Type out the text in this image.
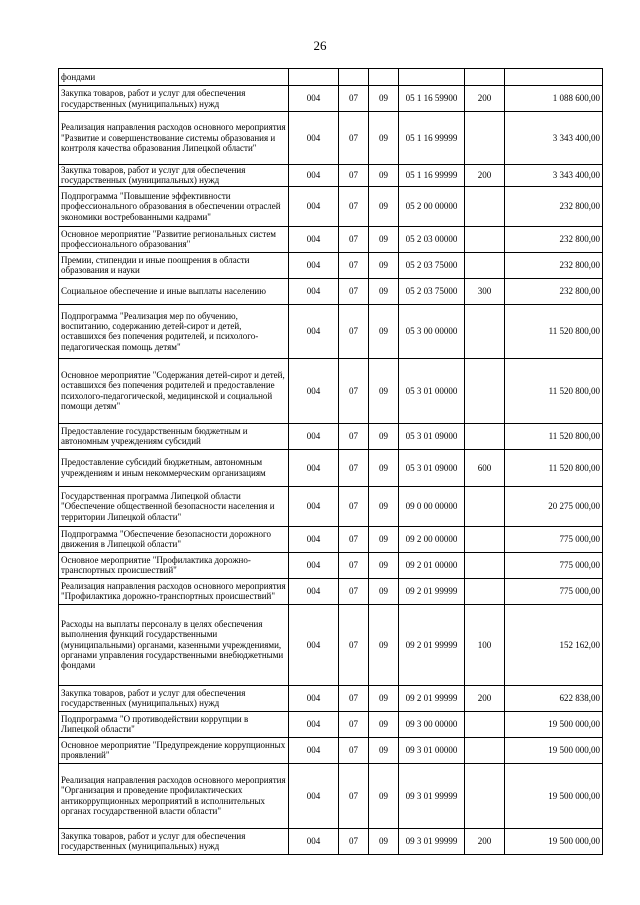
26
фондами						
Закупка товаров, работ и услуг для обеспечения государственных (муниципальных) нужд	004	07	09	05 1 16 59900	200	1 088 600,00
Реализация направления расходов основного мероприятия "Развитие и совершенствование системы образования и контроля качества образования Липецкой области"	004	07	09	05 1 16 99999		3 343 400,00
Закупка товаров, работ и услуг для обеспечения государственных (муниципальных) нужд	004	07	09	05 1 16 99999	200	3 343 400,00
Подпрограмма "Повышение эффективности профессионального образования в обеспечении отраслей экономики востребованными кадрами"	004	07	09	05 2 00 00000		232 800,00
Основное мероприятие "Развитие региональных систем профессионального образования"	004	07	09	05 2 03 00000		232 800,00
Премии, стипендии и иные поощрения в области образования и науки	004	07	09	05 2 03 75000		232 800,00
Социальное обеспечение и иные выплаты населению	004	07	09	05 2 03 75000	300	232 800,00
Подпрограмма "Реализация мер по обучению, воспитанию, содержанию детей-сирот и детей, оставшихся без попечения родителей, и психолого-педагогическая помощь детям"	004	07	09	05 3 00 00000		11 520 800,00
Основное мероприятие "Содержания детей-сирот и детей, оставшихся без попечения родителей и предоставление психолого-педагогической, медицинской и социальной помощи детям"	004	07	09	05 3 01 00000		11 520 800,00
Предоставление государственным бюджетным и автономным учреждениям субсидий	004	07	09	05 3 01 09000		11 520 800,00
Предоставление субсидий бюджетным, автономным учреждениям и иным некоммерческим организациям	004	07	09	05 3 01 09000	600	11 520 800,00
Государственная программа Липецкой области "Обеспечение общественной безопасности населения и территории Липецкой области"	004	07	09	09 0 00 00000		20 275 000,00
Подпрограмма "Обеспечение безопасности дорожного движения в Липецкой области"	004	07	09	09 2 00 00000		775 000,00
Основное мероприятие "Профилактика дорожно-транспортных происшествий"	004	07	09	09 2 01 00000		775 000,00
Реализация направления расходов основного мероприятия "Профилактика дорожно-транспортных происшествий"	004	07	09	09 2 01 99999		775 000,00
Расходы на выплаты персоналу в целях обеспечения выполнения функций государственными (муниципальными) органами, казенными учреждениями, органами управления государственными внебюджетными фондами	004	07	09	09 2 01 99999	100	152 162,00
Закупка товаров, работ и услуг для обеспечения государственных (муниципальных) нужд	004	07	09	09 2 01 99999	200	622 838,00
Подпрограмма "О противодействии коррупции в Липецкой области"	004	07	09	09 3 00 00000		19 500 000,00
Основное мероприятие "Предупреждение коррупционных проявлений"	004	07	09	09 3 01 00000		19 500 000,00
Реализация направления расходов основного мероприятия "Организация и проведение профилактических антикоррупционных мероприятий в исполнительных органах государственной власти области"	004	07	09	09 3 01 99999		19 500 000,00
Закупка товаров, работ и услуг для обеспечения государственных (муниципальных) нужд	004	07	09	09 3 01 99999	200	19 500 000,00
